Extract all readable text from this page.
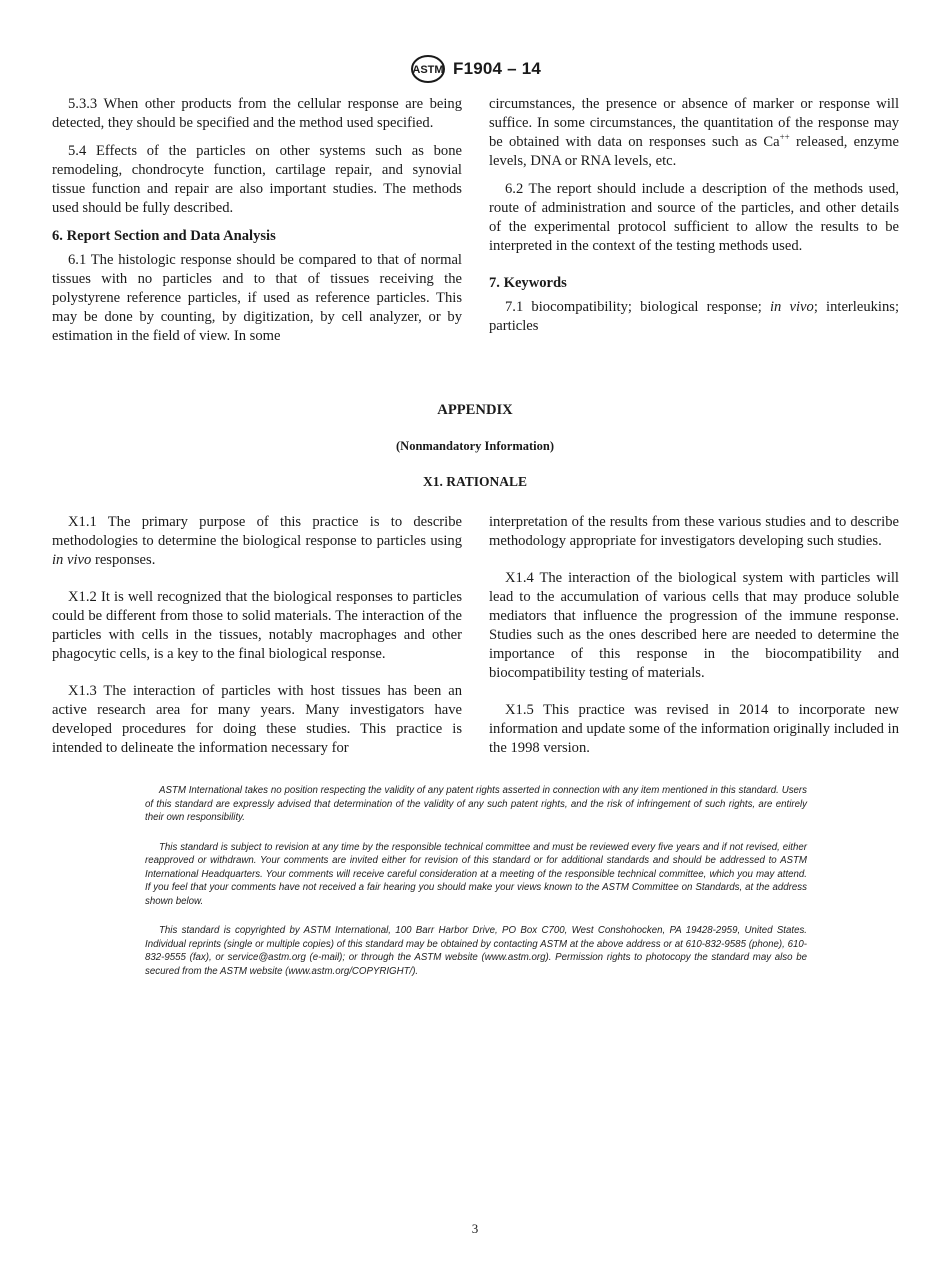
ASTM F1904 – 14

5.3.3 When other products from the cellular response are being detected, they should be specified and the method used specified.

5.4 Effects of the particles on other systems such as bone remodeling, chondrocyte function, cartilage repair, and synovial tissue function and repair are also important studies. The methods used should be fully described.

6. Report Section and Data Analysis

6.1 The histologic response should be compared to that of normal tissues with no particles and to that of tissues receiving the polystyrene reference particles, if used as reference particles. This may be done by counting, by digitization, by cell analyzer, or by estimation in the field of view. In some

circumstances, the presence or absence of marker or response will suffice. In some circumstances, the quantitation of the response may be obtained with data on responses such as Ca++ released, enzyme levels, DNA or RNA levels, etc.

6.2 The report should include a description of the methods used, route of administration and source of the particles, and other details of the experimental protocol sufficient to allow the results to be interpreted in the context of the testing methods used.

7. Keywords

7.1 biocompatibility; biological response; in vivo; interleukins; particles

APPENDIX
(Nonmandatory Information)
X1. RATIONALE

X1.1 The primary purpose of this practice is to describe methodologies to determine the biological response to particles using in vivo responses.

X1.2 It is well recognized that the biological responses to particles could be different from those to solid materials. The interaction of the particles with cells in the tissues, notably macrophages and other phagocytic cells, is a key to the final biological response.

X1.3 The interaction of particles with host tissues has been an active research area for many years. Many investigators have developed procedures for doing these studies. This practice is intended to delineate the information necessary for

interpretation of the results from these various studies and to describe methodology appropriate for investigators developing such studies.

X1.4 The interaction of the biological system with particles will lead to the accumulation of various cells that may produce soluble mediators that influence the progression of the immune response. Studies such as the ones described here are needed to determine the importance of this response in the biocompatibility and biocompatibility testing of materials.

X1.5 This practice was revised in 2014 to incorporate new information and update some of the information originally included in the 1998 version.

ASTM International takes no position respecting the validity of any patent rights asserted in connection with any item mentioned in this standard. Users of this standard are expressly advised that determination of the validity of any such patent rights, and the risk of infringement of such rights, are entirely their own responsibility.

This standard is subject to revision at any time by the responsible technical committee and must be reviewed every five years and if not revised, either reapproved or withdrawn. Your comments are invited either for revision of this standard or for additional standards and should be addressed to ASTM International Headquarters. Your comments will receive careful consideration at a meeting of the responsible technical committee, which you may attend. If you feel that your comments have not received a fair hearing you should make your views known to the ASTM Committee on Standards, at the address shown below.

This standard is copyrighted by ASTM International, 100 Barr Harbor Drive, PO Box C700, West Conshohocken, PA 19428-2959, United States. Individual reprints (single or multiple copies) of this standard may be obtained by contacting ASTM at the above address or at 610-832-9585 (phone), 610-832-9555 (fax), or service@astm.org (e-mail); or through the ASTM website (www.astm.org). Permission rights to photocopy the standard may also be secured from the ASTM website (www.astm.org/COPYRIGHT/).

3
